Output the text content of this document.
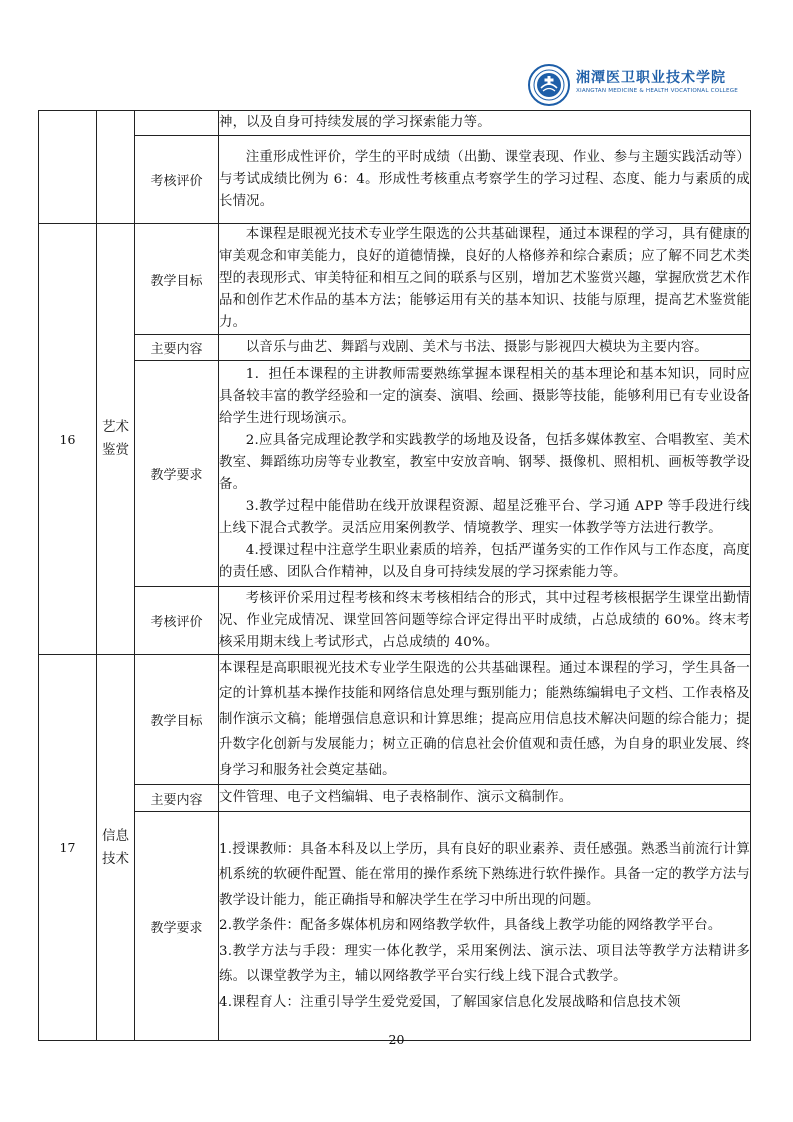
湘潭医卫职业技术学院
XIANGTAN MEDICINE & HEALTH VOCATIONAL COLLEGE

			神，以及自身可持续发展的学习探索能力等。

		考核评价	注重形成性评价，学生的平时成绩（出勤、课堂表现、作业、参与主题实践活动等）与考试成绩比例为 6：4。形成性考核重点考察学生的学习过程、态度、能力与素质的成长情况。

16	艺术鉴赏	教学目标	本课程是眼视光技术专业学生限选的公共基础课程，通过本课程的学习，具有健康的审美观念和审美能力，良好的道德情操，良好的人格修养和综合素质；应了解不同艺术类型的表现形式、审美特征和相互之间的联系与区别，增加艺术鉴赏兴趣，掌握欣赏艺术作品和创作艺术作品的基本方法；能够运用有关的基本知识、技能与原理，提高艺术鉴赏能力。

		主要内容	以音乐与曲艺、舞蹈与戏剧、美术与书法、摄影与影视四大模块为主要内容。

		教学要求	1．担任本课程的主讲教师需要熟练掌握本课程相关的基本理论和基本知识，同时应具备较丰富的教学经验和一定的演奏、演唱、绘画、摄影等技能，能够利用已有专业设备给学生进行现场演示。

2.应具备完成理论教学和实践教学的场地及设备，包括多媒体教室、合唱教室、美术教室、舞蹈练功房等专业教室，教室中安放音响、钢琴、摄像机、照相机、画板等教学设备。

3.教学过程中能借助在线开放课程资源、超星泛雅平台、学习通 APP 等手段进行线上线下混合式教学。灵活应用案例教学、情境教学、理实一体教学等方法进行教学。

4.授课过程中注意学生职业素质的培养，包括严谨务实的工作作风与工作态度，高度的责任感、团队合作精神，以及自身可持续发展的学习探索能力等。

		考核评价	考核评价采用过程考核和终末考核相结合的形式，其中过程考核根据学生课堂出勤情况、作业完成情况、课堂回答问题等综合评定得出平时成绩，占总成绩的 60%。终末考核采用期末线上考试形式，占总成绩的 40%。

17	信息技术	教学目标	本课程是高职眼视光技术专业学生限选的公共基础课程。通过本课程的学习，学生具备一定的计算机基本操作技能和网络信息处理与甄别能力；能熟练编辑电子文档、工作表格及制作演示文稿；能增强信息意识和计算思维；提高应用信息技术解决问题的综合能力；提升数字化创新与发展能力；树立正确的信息社会价值观和责任感，为自身的职业发展、终身学习和服务社会奠定基础。

		主要内容	文件管理、电子文档编辑、电子表格制作、演示文稿制作。

		教学要求	1.授课教师：具备本科及以上学历，具有良好的职业素养、责任感强。熟悉当前流行计算机系统的软硬件配置、能在常用的操作系统下熟练进行软件操作。具备一定的教学方法与教学设计能力，能正确指导和解决学生在学习中所出现的问题。

2.教学条件：配备多媒体机房和网络教学软件，具备线上教学功能的网络教学平台。

3.教学方法与手段：理实一体化教学，采用案例法、演示法、项目法等教学方法精讲多练。以课堂教学为主，辅以网络教学平台实行线上线下混合式教学。

4.课程育人：注重引导学生爱党爱国，了解国家信息化发展战略和信息技术领

20
